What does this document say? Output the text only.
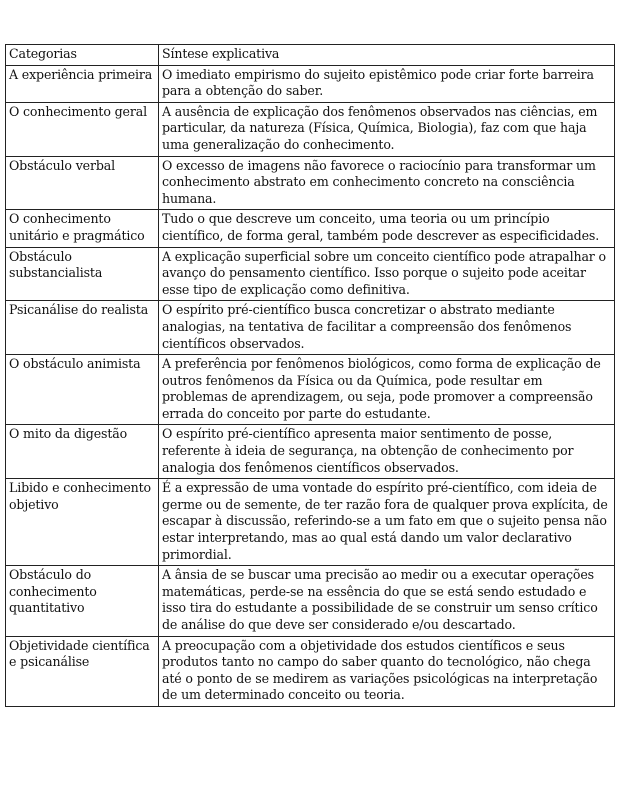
Categorias	Síntese explicativa
A experiência primeira	O imediato empirismo do sujeito epistêmico pode criar forte barreira para a obtenção do saber.
O conhecimento geral	A ausência de explicação dos fenômenos observados nas ciências, em particular, da natureza (Física, Química, Biologia), faz com que haja uma generalização do conhecimento.
Obstáculo verbal	O excesso de imagens não favorece o raciocínio para transformar um conhecimento abstrato em conhecimento concreto na consciência humana.
O conhecimento unitário e pragmático	Tudo o que descreve um conceito, uma teoria ou um princípio científico, de forma geral, também pode descrever as especificidades.
Obstáculo substancialista	A explicação superficial sobre um conceito científico pode atrapalhar o avanço do pensamento científico. Isso porque o sujeito pode aceitar esse tipo de explicação como definitiva.
Psicanálise do realista	O espírito pré-científico busca concretizar o abstrato mediante analogias, na tentativa de facilitar a compreensão dos fenômenos científicos observados.
O obstáculo animista	A preferência por fenômenos biológicos, como forma de explicação de outros fenômenos da Física ou da Química, pode resultar em problemas de aprendizagem, ou seja, pode promover a compreensão errada do conceito por parte do estudante.
O mito da digestão	O espírito pré-científico apresenta maior sentimento de posse, referente à ideia de segurança, na obtenção de conhecimento por analogia dos fenômenos científicos observados.
Libido e conhecimento objetivo	É a expressão de uma vontade do espírito pré-científico, com ideia de germe ou de semente, de ter razão fora de qualquer prova explícita, de escapar à discussão, referindo-se a um fato em que o sujeito pensa não estar interpretando, mas ao qual está dando um valor declarativo primordial.
Obstáculo do conhecimento quantitativo	A ânsia de se buscar uma precisão ao medir ou a executar operações matemáticas, perde-se na essência do que se está sendo estudado e isso tira do estudante a possibilidade de se construir um senso crítico de análise do que deve ser considerado e/ou descartado.
Objetividade científica e psicanálise	A preocupação com a objetividade dos estudos científicos e seus produtos tanto no campo do saber quanto do tecnológico, não chega até o ponto de se medirem as variações psicológicas na interpretação de um determinado conceito ou teoria.
